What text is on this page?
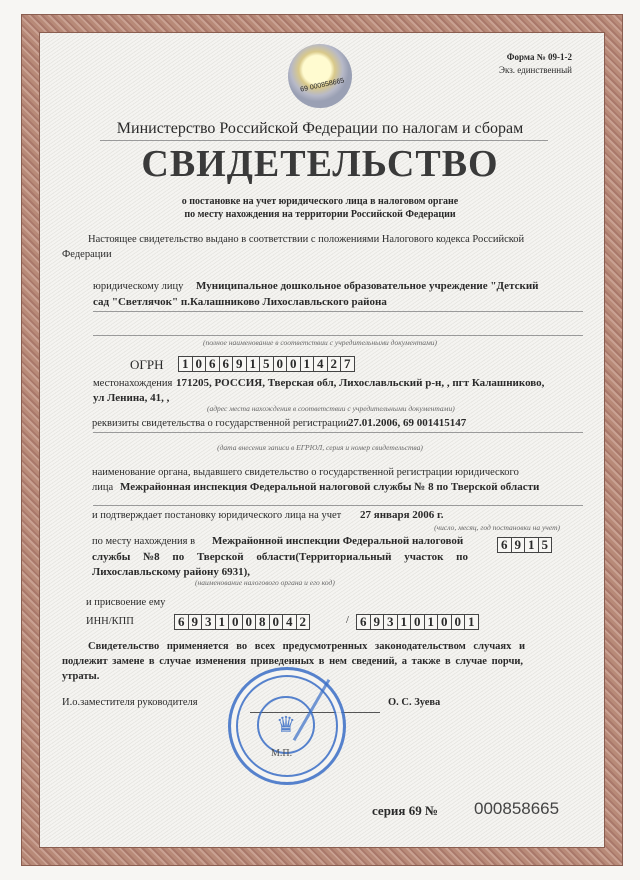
69 000858665
Форма № 09-1-2
Экз. единственный
Министерство Российской Федерации по налогам и сборам
СВИДЕТЕЛЬСТВО
о постановке на учет юридического лица в налоговом органе
по месту нахождения на территории Российской Федерации
Настоящее свидетельство выдано в соответствии с положениями Налогового кодекса Российской
Федерации
юридическому лицу Муниципальное дошкольное образовательное учреждение "Детский
сад "Светлячок" п.Калашниково Лихославльского района
(полное наименование в соответствии с учредительными документами)
ОГРН	1 0 6 6 9 1 5 0 0 1 4 2 7
местонахождения 171205, РОССИЯ, Тверская обл, Лихославльский р-н, , пгт Калашниково,
ул Ленина, 41, ,
(адрес места нахождения в соответствии с учредительными документами)
реквизиты свидетельства о государственной регистрации 27.01.2006, 69 001415147
(дата внесения записи в ЕГРЮЛ, серия и номер свидетельства)
наименование органа, выдавшего свидетельство о государственной регистрации юридического
лица Межрайонная инспекция Федеральной налоговой службы № 8 по Тверской области
и подтверждает постановку юридического лица на учет 27 января 2006 г.
(число, месяц, год постановки на учет)
по месту нахождения в Межрайонной инспекции Федеральной налоговой
службы №8 по Тверской области(Территориальный участок по
Лихославльскому району 6931),
(наименование налогового органа и его код)
6 9 1 5
и присвоение ему
ИНН/КПП	6 9 3 1 0 0 8 0 4 2	/ 6 9 3 1 0 1 0 0 1
Свидетельство применяется во всех предусмотренных законодательством случаях и
подлежит замене в случае изменения приведенных в нем сведений, а также в случае порчи,
утраты.
И.о.заместителя руководителя	О. С. Зуева
♛
М.П.
серия 69 № 000858665
